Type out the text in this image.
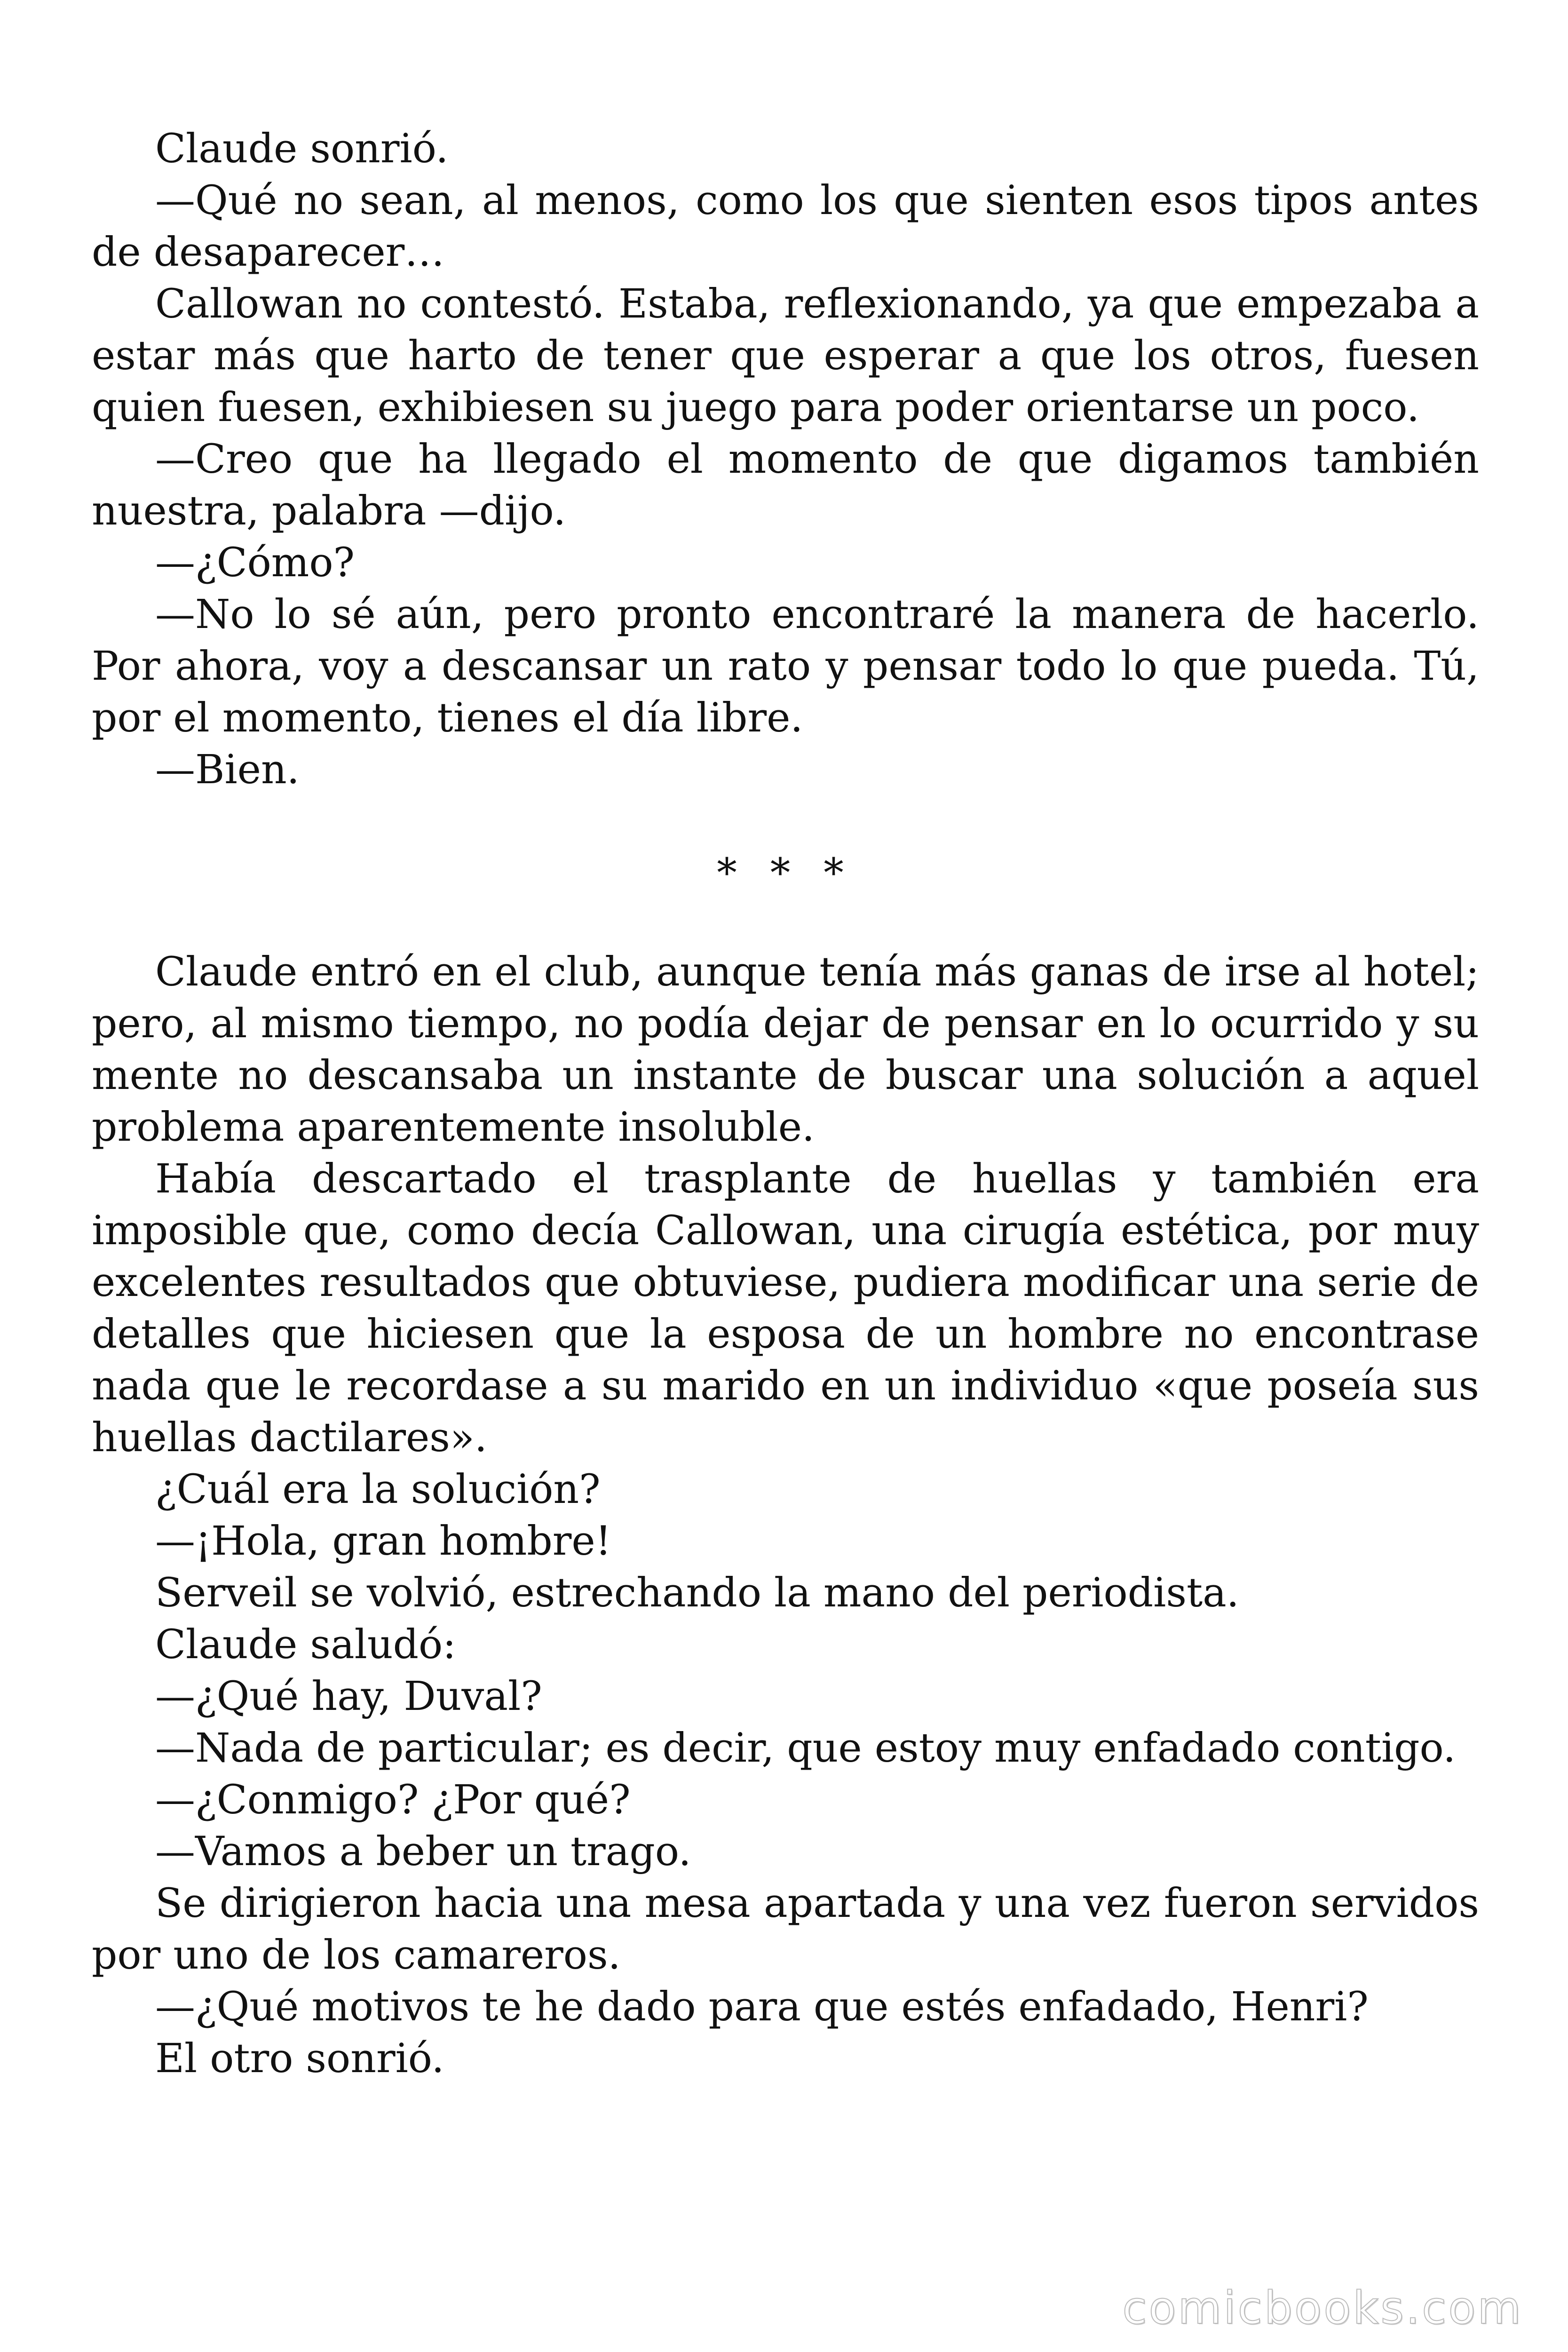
Claude sonrió.

—Qué no sean, al menos, como los que sienten esos tipos antes de desaparecer…

Callowan no contestó. Estaba, reflexionando, ya que empezaba a estar más que harto de tener que esperar a que los otros, fuesen quien fuesen, exhibiesen su juego para poder orientarse un poco.

—Creo que ha llegado el momento de que digamos también nuestra, palabra —dijo.

—¿Cómo?

—No lo sé aún, pero pronto encontraré la manera de hacerlo. Por ahora, voy a descansar un rato y pensar todo lo que pueda. Tú, por el momento, tienes el día libre.

—Bien.

* * *

Claude entró en el club, aunque tenía más ganas de irse al hotel; pero, al mismo tiempo, no podía dejar de pensar en lo ocurrido y su mente no descansaba un instante de buscar una solución a aquel problema aparentemente insoluble.

Había descartado el trasplante de huellas y también era imposible que, como decía Callowan, una cirugía estética, por muy excelentes resultados que obtuviese, pudiera modificar una serie de detalles que hiciesen que la esposa de un hombre no encontrase nada que le recordase a su marido en un individuo «que poseía sus huellas dactilares».

¿Cuál era la solución?

—¡Hola, gran hombre!

Serveil se volvió, estrechando la mano del periodista.

Claude saludó:

—¿Qué hay, Duval?

—Nada de particular; es decir, que estoy muy enfadado contigo.

—¿Conmigo? ¿Por qué?

—Vamos a beber un trago.

Se dirigieron hacia una mesa apartada y una vez fueron servidos por uno de los camareros.

—¿Qué motivos te he dado para que estés enfadado, Henri?

El otro sonrió.

comicbooks.com
